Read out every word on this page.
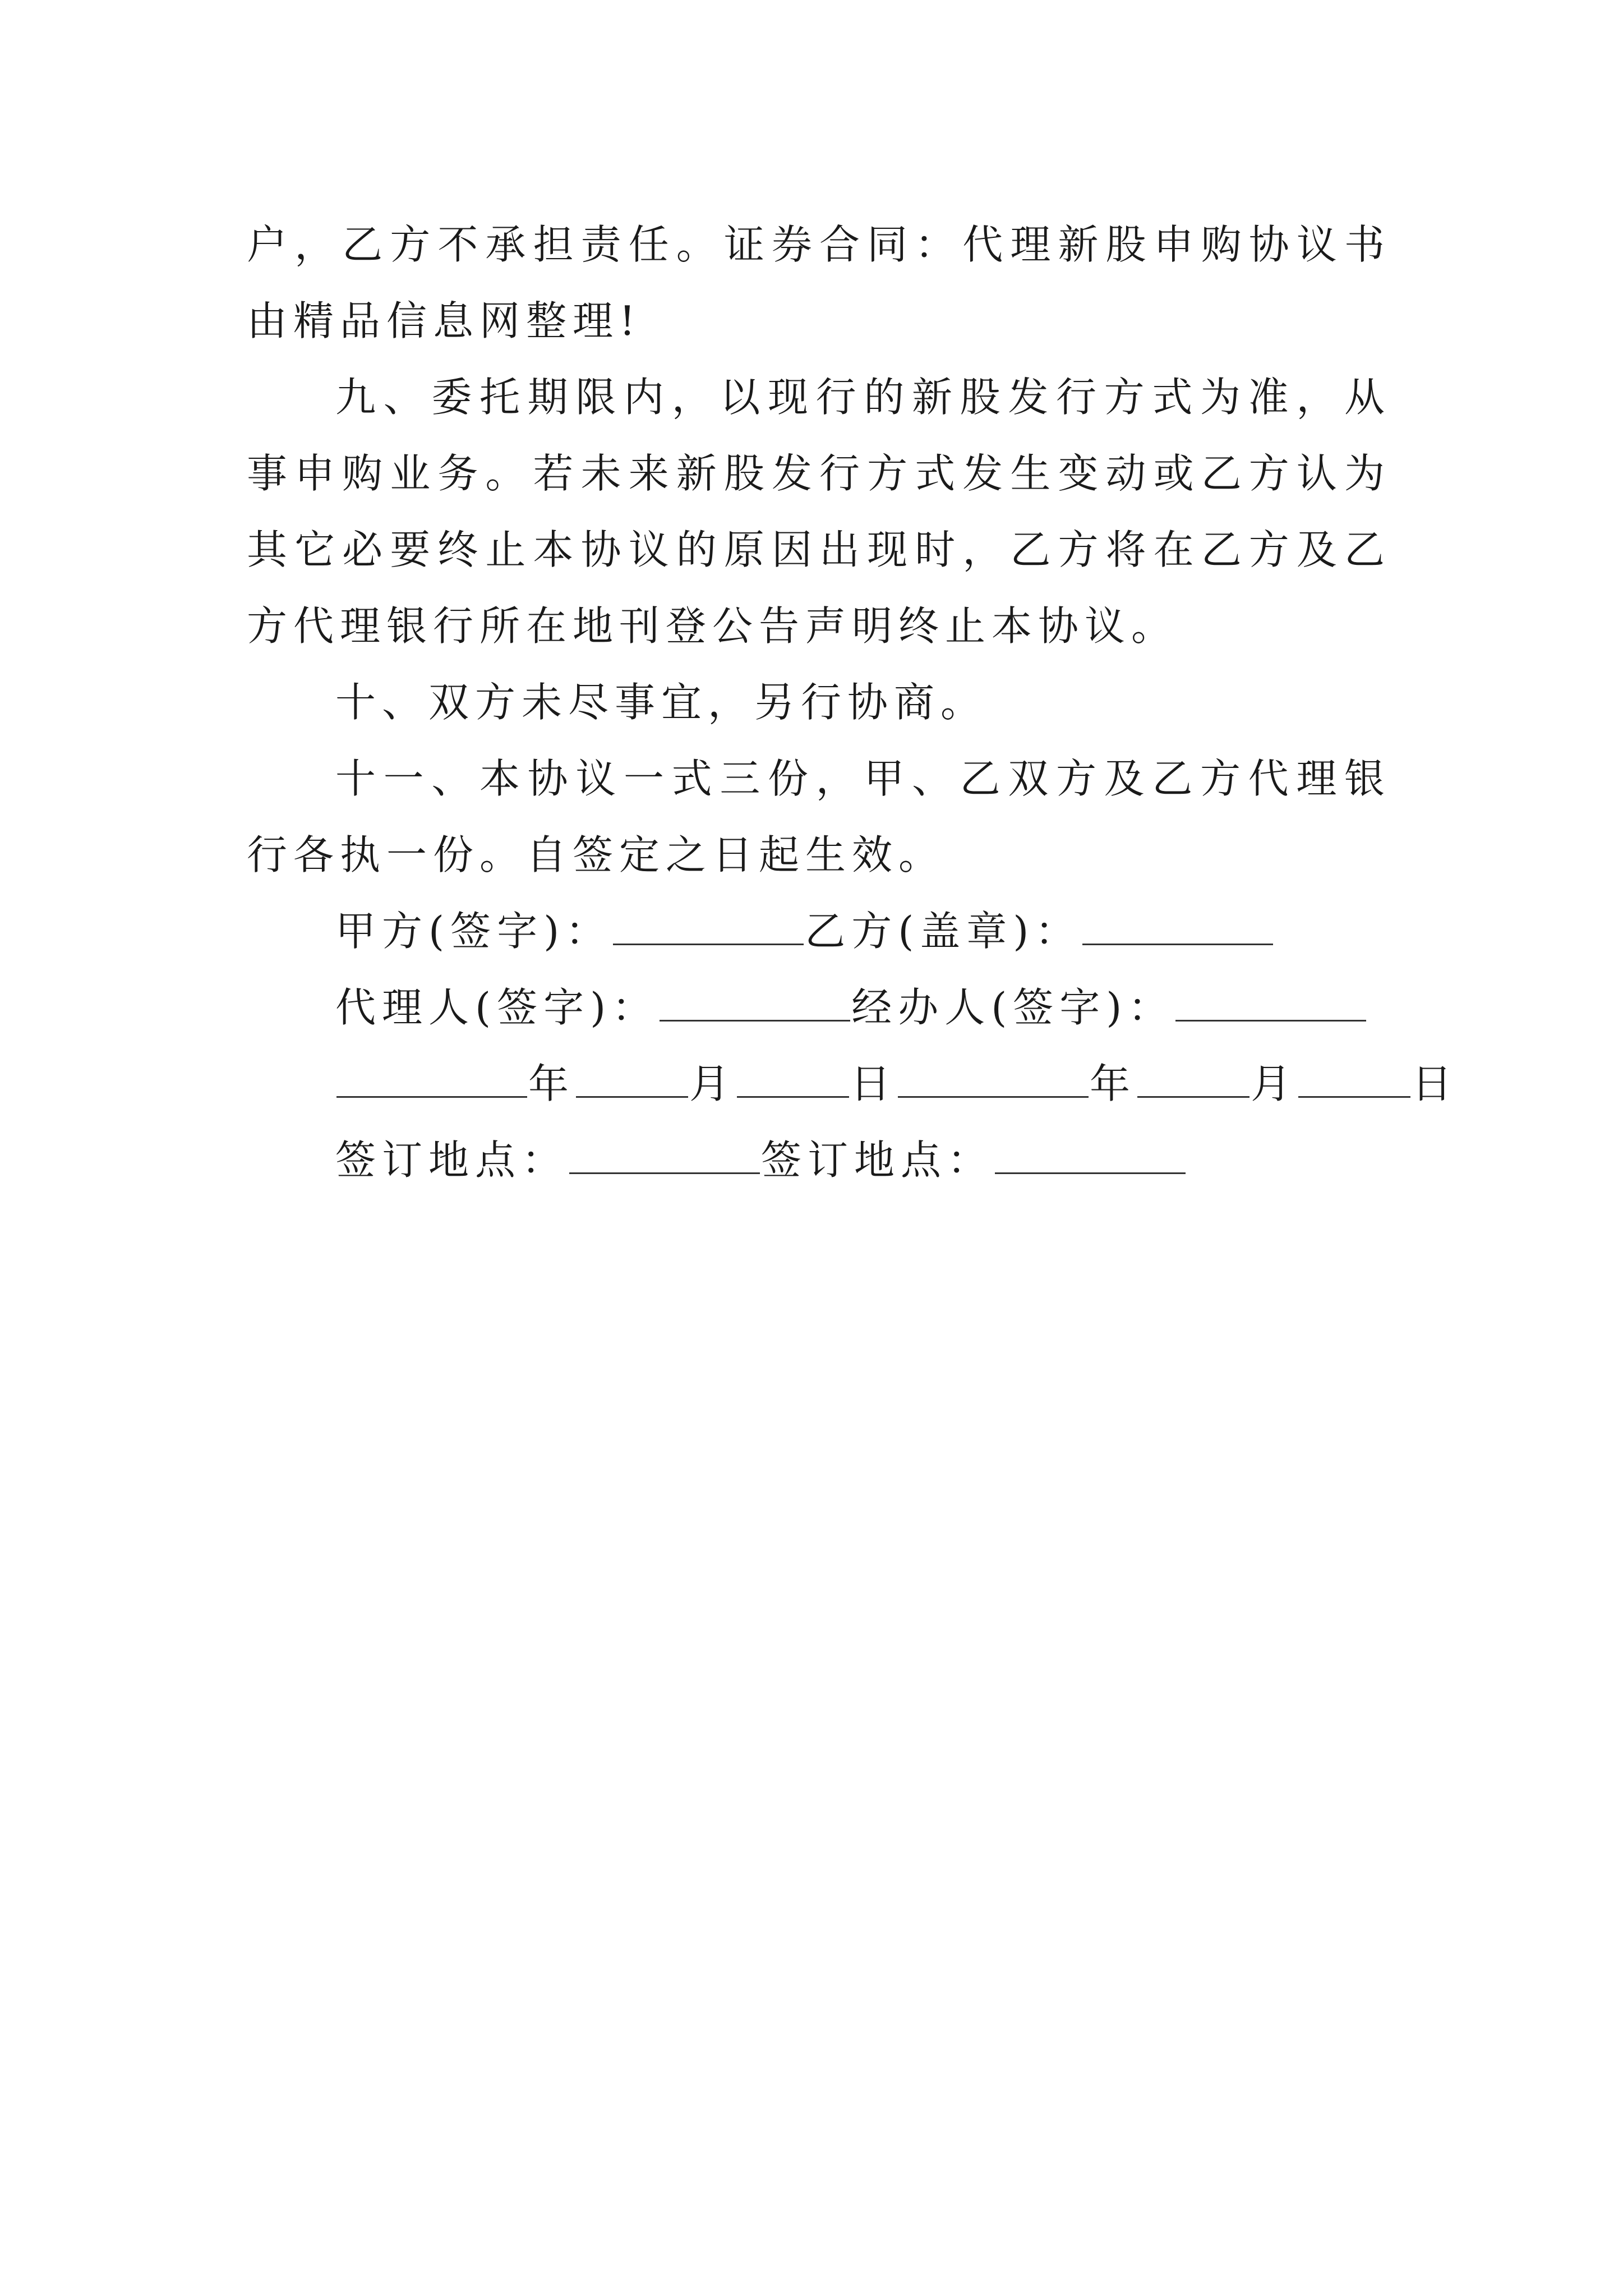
户，乙方不承担责任。证券合同：代理新股申购协议书由精品信息网整理!

九、委托期限内，以现行的新股发行方式为准，从事申购业务。若未来新股发行方式发生变动或乙方认为其它必要终止本协议的原因出现时，乙方将在乙方及乙方代理银行所在地刊登公告声明终止本协议。

十、双方未尽事宜，另行协商。

十一、本协议一式三份，甲、乙双方及乙方代理银行各执一份。自签定之日起生效。

甲方(签字)：	乙方(盖章)：

代理人(签字)：	经办人(签字)：

年	月	日	年	月	日

签订地点：	签订地点：
